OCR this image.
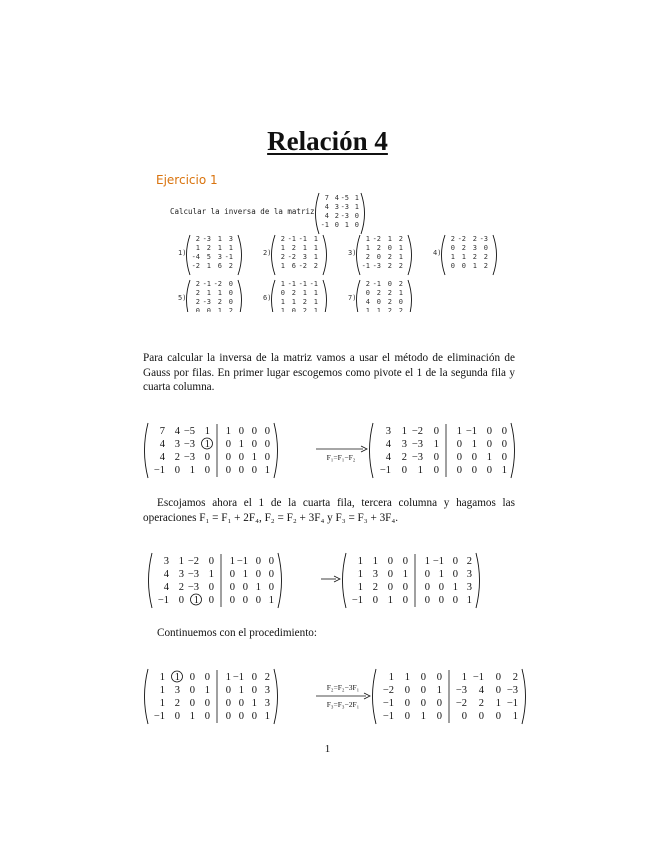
Relación 4
Ejercicio 1
Calcular la inversa de la matriz
7 4 -5 1
4 3 -3 1
4 2 -3 0
-1 0 1 0
1)
2 -3 1 3
1 2 1 1
-4 5 3 -1
-2 1 6 2
2)
2 -1 -1 1
1 2 1 1
2 -2 3 1
1 6 -2 2
3)
1 -2 1 2
1 2 0 1
2 0 2 1
-1 -3 2 2
4)
2 -2 2 -3
0 2 3 0
1 1 2 2
0 0 1 2
5)
2 -1 -2 0
2 1 1 0
2 -3 2 0
0 0 1 2
6)
1 -1 -1 -1
0 2 1 1
1 1 2 1
1 0 2 1
7)
2 -1 0 2
0 2 2 1
4 0 2 0
1 1 2 2
Para calcular la inversa de la matriz vamos a usar el método de eliminación de Gauss por filas. En primer lugar escogemos como pivote el 1 de la segunda fila y cuarta columna.
7 4 −5 1
4 3 −3 1
4 2 −3 0
−1 0 1 0
1 0 0 0
0 1 0 0
0 0 1 0
0 0 0 1
F₁=F₁−F₂
3 1 −2 0
4 3 −3 1
4 2 −3 0
−1 0 1 0
1 −1 0 0
0 1 0 0
0 0 1 0
0 0 0 1
3 1 −2 0
4 3 −3 1
4 2 −3 0
−1 0 1 0
1 −1 0 0
0 1 0 0
0 0 1 0
0 0 0 1
1 1 0 0
1 3 0 1
1 2 0 0
−1 0 1 0
1 −1 0 2
0 1 0 3
0 0 1 3
0 0 0 1
1 1 0 0
1 3 0 1
1 2 0 0
−1 0 1 0
1 −1 0 2
0 1 0 3
0 0 1 3
0 0 0 1
F₂=F₂−3F₁
F₃=F₃−2F₁
1 1 0 0
−2 0 0 1
−1 0 0 0
−1 0 1 0
1 −1 0 2
−3 4 0 −3
−2 2 1 −1
0 0 0 1
Escojamos ahora el 1 de la cuarta fila, tercera columna y hagamos las operaciones F₁ = F₁ + 2F₄, F₂ = F₂ + 3F₄ y F₃ = F₃ + 3F₄.
Continuemos con el procedimiento:
1
